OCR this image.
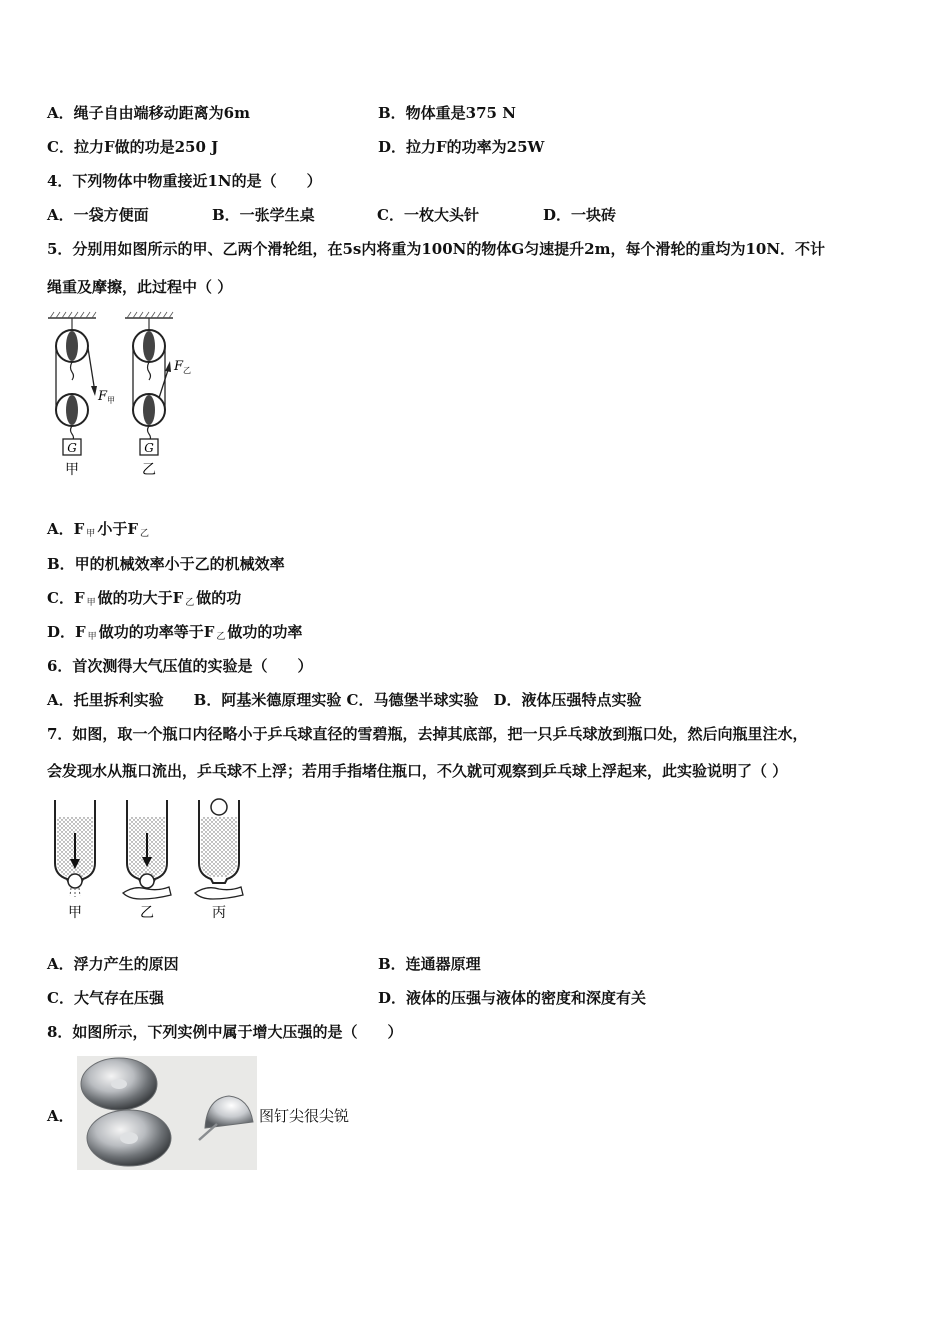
A．绳子自由端移动距离为6m	B．物体重是375 N
C．拉力F做的功是250 J	D．拉力F的功率为25W
4．下列物体中物重接近1N的是（　　）
A．一袋方便面	B．一张学生桌	C．一枚大头针	D．一块砖
5．分别用如图所示的甲、乙两个滑轮组，在5s内将重为100N的物体G匀速提升2m，每个滑轮的重均为10N．不计
绳重及摩擦，此过程中（ ）
$F_甲$
G
甲
$F_乙$
G
乙
A．F $_甲$ 小于F $_乙$
B．甲的机械效率小于乙的机械效率
C．F $_甲$ 做的功大于F $_乙$ 做的功
D．F $_甲$ 做功的功率等于F $_乙$ 做功的功率
6．首次测得大气压值的实验是（　　）
A．托里拆利实验　　B．阿基米德原理实验 C．马德堡半球实验　D．液体压强特点实验
7．如图，取一个瓶口内径略小于乒乓球直径的雪碧瓶，去掉其底部，把一只乒乓球放到瓶口处，然后向瓶里注水，
会发现水从瓶口流出，乒乓球不上浮；若用手指堵住瓶口，不久就可观察到乒乓球上浮起来，此实验说明了（ ）
甲	乙	丙
A．浮力产生的原因	B．连通器原理
C．大气存在压强	D．液体的压强与液体的密度和深度有关
8．如图所示，下列实例中属于增大压强的是（　　）
A．	图钉尖很尖锐
